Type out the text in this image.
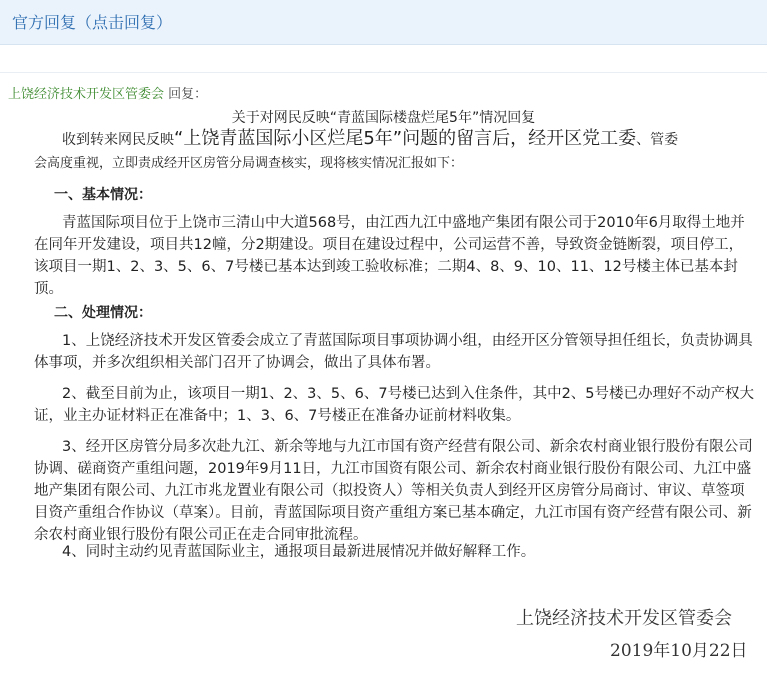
官方回复（点击回复）
上饶经济技术开发区管委会 回复：
关于对网民反映“青蓝国际楼盘烂尾5年”情况回复
收到转来网民反映“上饶青蓝国际小区烂尾5年”问题的留言后，经开区党工委、管委
会高度重视，立即责成经开区房管分局调查核实，现将核实情况汇报如下：
一、基本情况：
青蓝国际项目位于上饶市三清山中大道568号，由江西九江中盛地产集团有限公司于2010年6月取得土地并在同年开发建设，项目共12幢，分2期建设。项目在建设过程中，公司运营不善，导致资金链断裂，项目停工，该项目一期1、2、3、5、6、7号楼已基本达到竣工验收标准；二期4、8、9、10、11、12号楼主体已基本封顶。
二、处理情况：
1、上饶经济技术开发区管委会成立了青蓝国际项目事项协调小组，由经开区分管领导担任组长，负责协调具体事项，并多次组织相关部门召开了协调会，做出了具体布署。
2、截至目前为止，该项目一期1、2、3、5、6、7号楼已达到入住条件，其中2、5号楼已办理好不动产权大证，业主办证材料正在准备中；1、3、6、7号楼正在准备办证前材料收集。
3、经开区房管分局多次赴九江、新余等地与九江市国有资产经营有限公司、新余农村商业银行股份有限公司协调、磋商资产重组问题，2019年9月11日，九江市国资有限公司、新余农村商业银行股份有限公司、九江中盛地产集团有限公司、九江市兆龙置业有限公司（拟投资人）等相关负责人到经开区房管分局商讨、审议、草签项目资产重组合作协议（草案）。目前，青蓝国际项目资产重组方案已基本确定，九江市国有资产经营有限公司、新余农村商业银行股份有限公司正在走合同审批流程。
4、同时主动约见青蓝国际业主，通报项目最新进展情况并做好解释工作。
上饶经济技术开发区管委会
2019年10月22日
